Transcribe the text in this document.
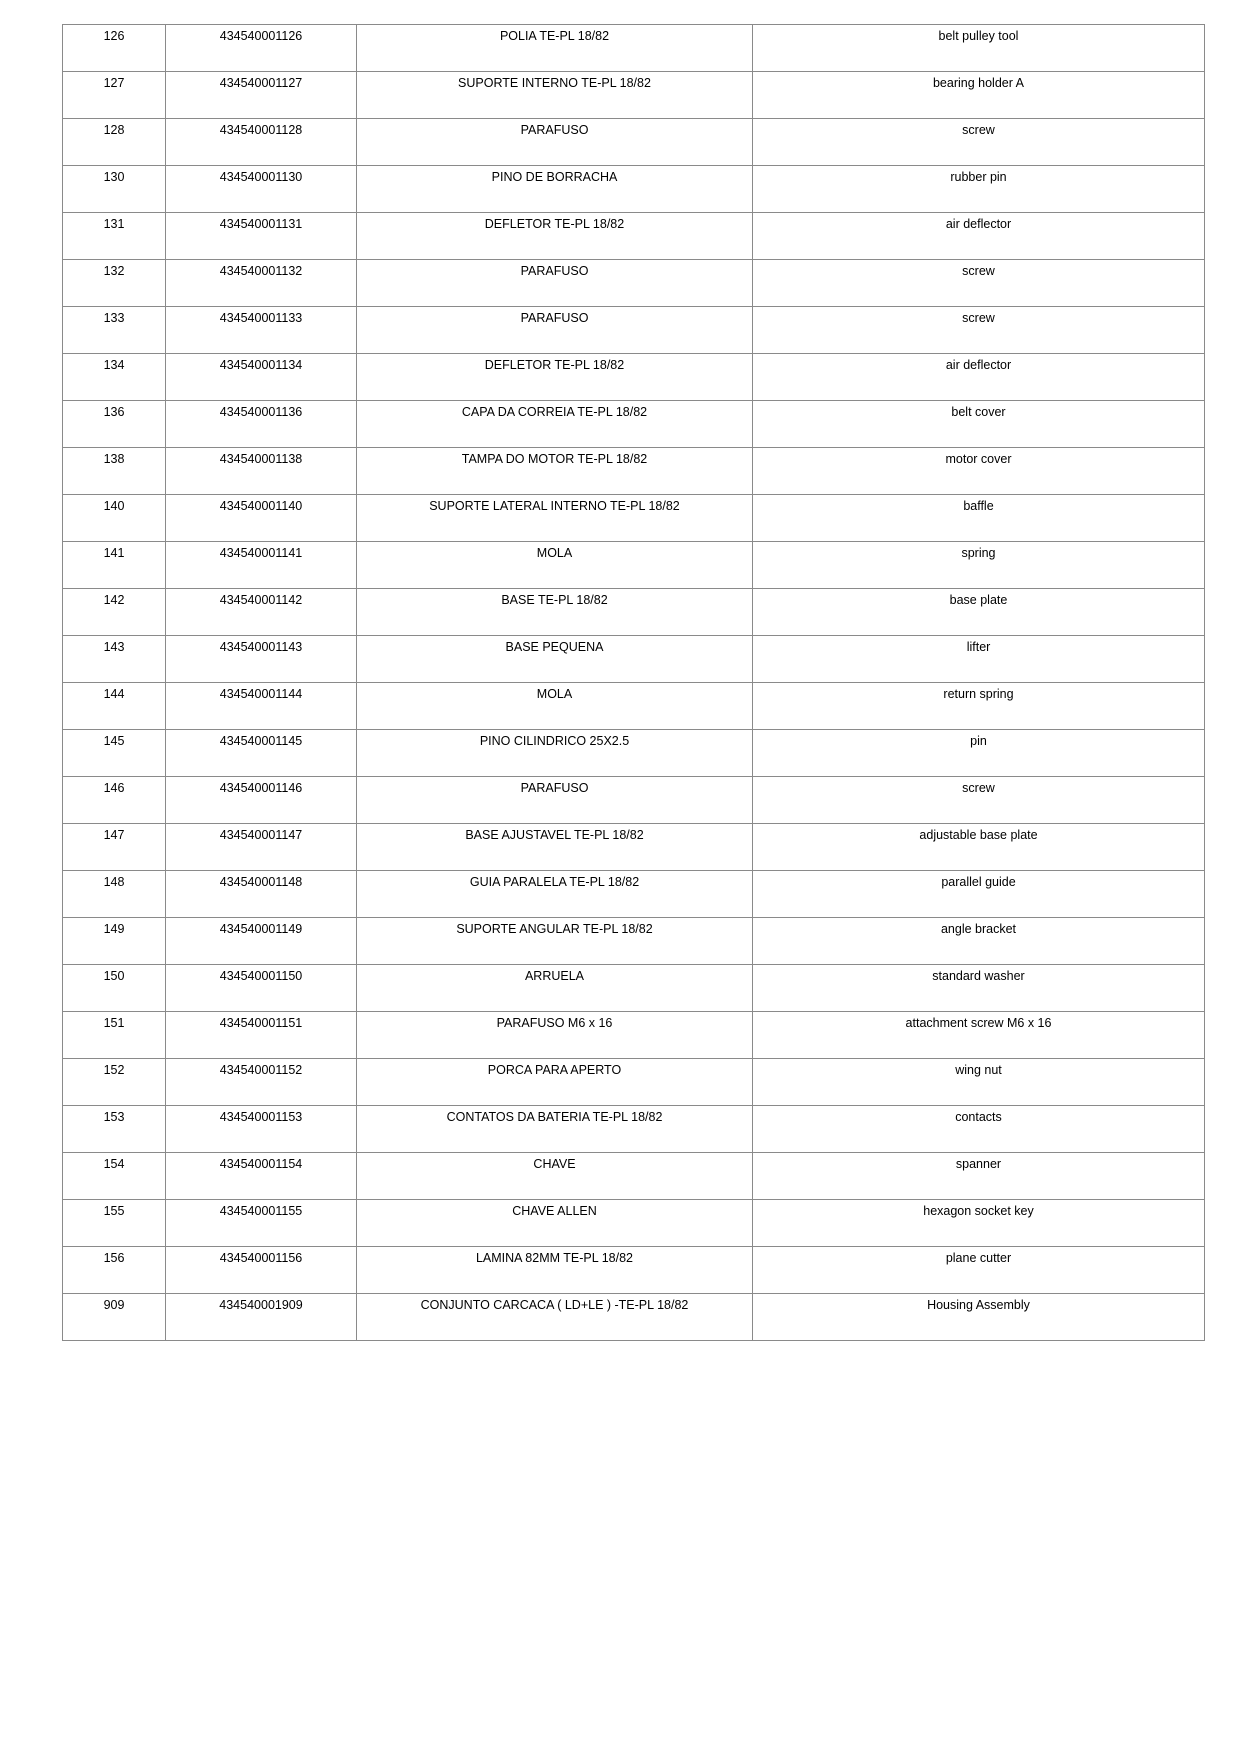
126	434540001126	POLIA TE-PL 18/82	belt pulley tool
127	434540001127	SUPORTE INTERNO TE-PL 18/82	bearing holder A
128	434540001128	PARAFUSO	screw
130	434540001130	PINO DE BORRACHA	rubber pin
131	434540001131	DEFLETOR TE-PL 18/82	air deflector
132	434540001132	PARAFUSO	screw
133	434540001133	PARAFUSO	screw
134	434540001134	DEFLETOR TE-PL 18/82	air deflector
136	434540001136	CAPA DA CORREIA TE-PL 18/82	belt cover
138	434540001138	TAMPA DO MOTOR TE-PL 18/82	motor cover
140	434540001140	SUPORTE LATERAL INTERNO TE-PL 18/82	baffle
141	434540001141	MOLA	spring
142	434540001142	BASE TE-PL 18/82	base plate
143	434540001143	BASE PEQUENA	lifter
144	434540001144	MOLA	return spring
145	434540001145	PINO CILINDRICO 25X2.5	pin
146	434540001146	PARAFUSO	screw
147	434540001147	BASE AJUSTAVEL TE-PL 18/82	adjustable base plate
148	434540001148	GUIA PARALELA TE-PL 18/82	parallel guide
149	434540001149	SUPORTE ANGULAR TE-PL 18/82	angle bracket
150	434540001150	ARRUELA	standard washer
151	434540001151	PARAFUSO M6 x 16	attachment screw M6 x 16
152	434540001152	PORCA PARA APERTO	wing nut
153	434540001153	CONTATOS DA BATERIA TE-PL 18/82	contacts
154	434540001154	CHAVE	spanner
155	434540001155	CHAVE ALLEN	hexagon socket key
156	434540001156	LAMINA 82MM TE-PL 18/82	plane cutter
909	434540001909	CONJUNTO CARCACA ( LD+LE ) -TE-PL 18/82	Housing Assembly
